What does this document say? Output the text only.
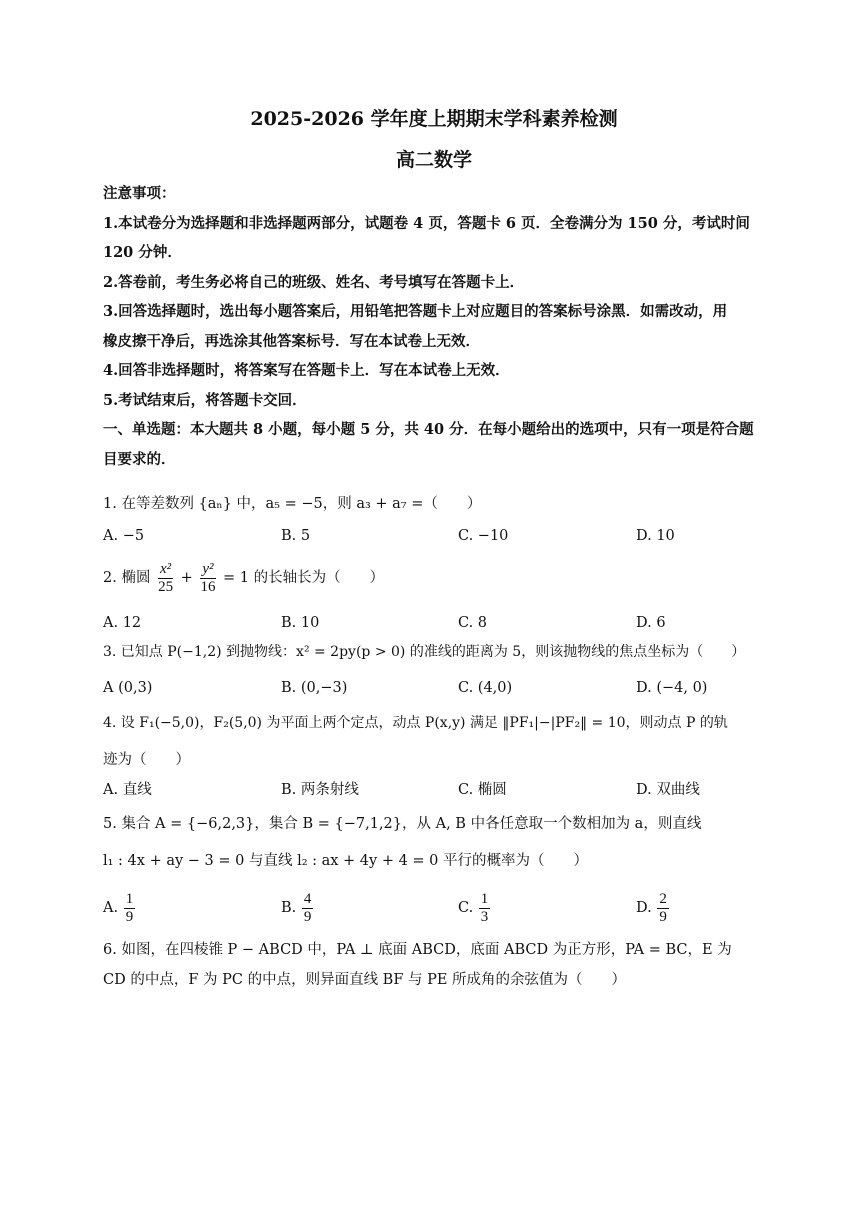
2025-2026 学年度上期期末学科素养检测
高二数学
注意事项：
1.本试卷分为选择题和非选择题两部分，试题卷 4 页，答题卡 6 页．全卷满分为 150 分，考试时间
120 分钟．
2.答卷前，考生务必将自己的班级、姓名、考号填写在答题卡上．
3.回答选择题时，选出每小题答案后，用铅笔把答题卡上对应题目的答案标号涂黑．如需改动，用
橡皮擦干净后，再选涂其他答案标号．写在本试卷上无效．
4.回答非选择题时，将答案写在答题卡上．写在本试卷上无效．
5.考试结束后，将答题卡交回．
一、单选题：本大题共 8 小题，每小题 5 分，共 40 分．在每小题给出的选项中，只有一项是符合题
目要求的．
1. 在等差数列 {aₙ} 中，a₅ = −5，则 a₃ + a₇ =（　　）
A. −5	B. 5	C. −10	D. 10
2. 椭圆 $\frac{\text{x²}}{25} + \frac{\text{y²}}{16} = 1$ 的长轴长为（　　）
A. 12	B. 10	C. 8	D. 6
3. 已知点 P(−1,2) 到抛物线：x² = 2py(p > 0) 的准线的距离为 5，则该抛物线的焦点坐标为（　　）
A (0,3)	B. (0,−3)	C. (4,0)	D. (−4, 0)
4. 设 F₁(−5,0)，F₂(5,0) 为平面上两个定点，动点 P(x,y) 满足 ‖PF₁|−|PF₂‖ = 10，则动点 P 的轨
迹为（　　）
A. 直线	B. 两条射线	C. 椭圆	D. 双曲线
5. 集合 A = {−6,2,3}，集合 B = {−7,1,2}，从 A, B 中各任意取一个数相加为 a，则直线
l₁ : 4x + ay − 3 = 0 与直线 l₂ : ax + 4y + 4 = 0 平行的概率为（　　）
A. $\frac{1}{9}$	B. $\frac{4}{9}$	C. $\frac{1}{3}$	D. $\frac{2}{9}$
6. 如图，在四棱锥 P − ABCD 中，PA ⊥ 底面 ABCD，底面 ABCD 为正方形，PA = BC，E 为
CD 的中点，F 为 PC 的中点，则异面直线 BF 与 PE 所成角的余弦值为（　　）
